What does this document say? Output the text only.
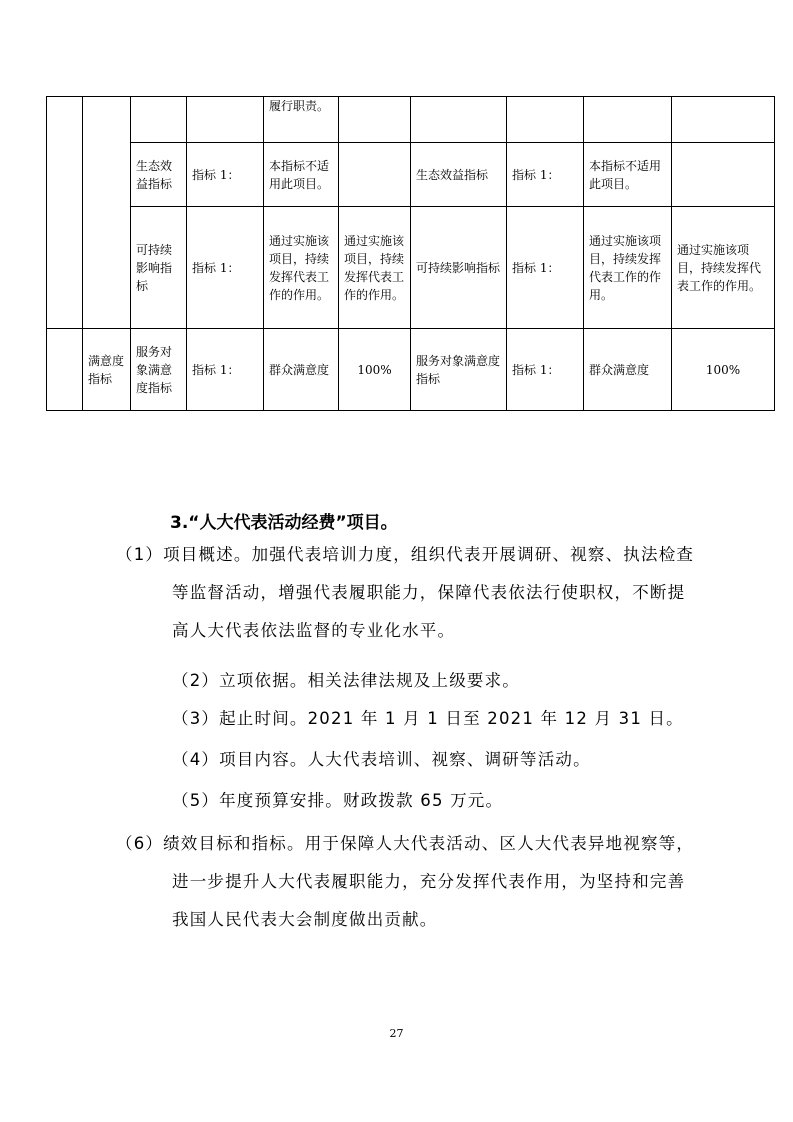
				履行职责。					
		生态效益指标	指标 1：	本指标不适用此项目。		生态效益指标	指标 1：	本指标不适用此项目。	
		可持续影响指标	指标 1：	通过实施该项目，持续发挥代表工作的作用。	通过实施该项目，持续发挥代表工作的作用。	可持续影响指标	指标 1：	通过实施该项目，持续发挥代表工作的作用。	通过实施该项目，持续发挥代表工作的作用。
	满意度指标	服务对象满意度指标	指标 1：	群众满意度	100%	服务对象满意度指标	指标 1：	群众满意度	100%
3.“人大代表活动经费”项目。
（1）项目概述。加强代表培训力度，组织代表开展调研、视察、执法检查等监督活动，增强代表履职能力，保障代表依法行使职权，不断提高人大代表依法监督的专业化水平。
（2）立项依据。相关法律法规及上级要求。
（3）起止时间。2021 年 1 月 1 日至 2021 年 12 月 31 日。
（4）项目内容。人大代表培训、视察、调研等活动。
（5）年度预算安排。财政拨款 65 万元。
（6）绩效目标和指标。用于保障人大代表活动、区人大代表异地视察等，进一步提升人大代表履职能力，充分发挥代表作用，为坚持和完善我国人民代表大会制度做出贡献。
27
